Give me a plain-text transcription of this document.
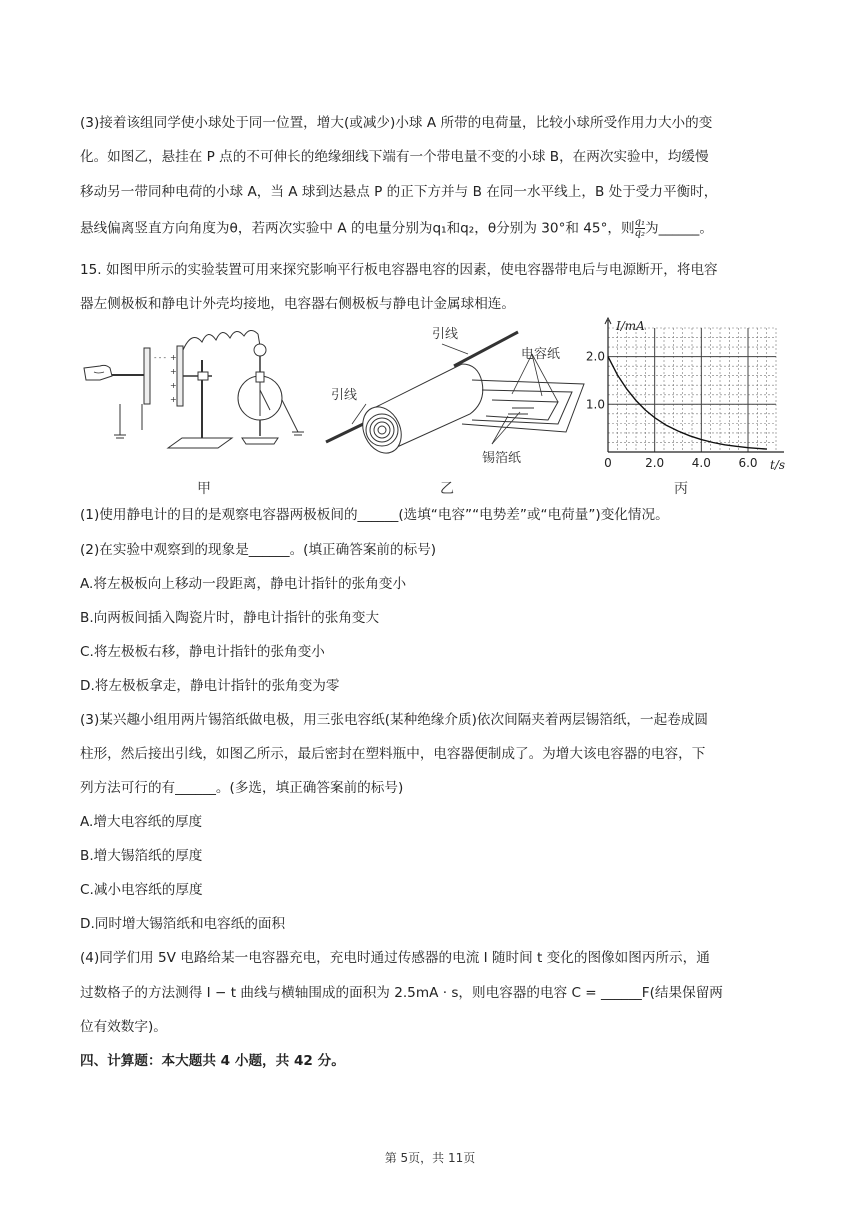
(3)接着该组同学使小球处于同一位置，增大(或减少)小球 A 所带的电荷量，比较小球所受作用力大小的变
化。如图乙，悬挂在 P 点的不可伸长的绝缘细线下端有一个带电量不变的小球 B，在两次实验中，均缓慢
移动另一带同种电荷的小球 A，当 A 球到达悬点 P 的正下方并与 B 在同一水平线上，B 处于受力平衡时，
悬线偏离竖直方向角度为θ，若两次实验中 A 的电量分别为q₁和q₂，θ分别为 30°和 45°，则 $\frac{\text{q₁}}{\text{q₂}}$ 为______。
15. 如图甲所示的实验装置可用来探究影响平行板电容器电容的因素，使电容器带电后与电源断开，将电容
器左侧极板和静电计外壳均接地，电容器右侧极板与静电计金属球相连。
- - - +
+
+
+
甲
引线
引线
电容纸
锡箔纸
乙
0	2.0 4.0 6.0
1.0
2.0
I/mA
t/s
丙
(1)使用静电计的目的是观察电容器两极板间的______(选填“电容”“电势差”或“电荷量”)变化情况。
(2)在实验中观察到的现象是______。(填正确答案前的标号)
A.将左极板向上移动一段距离，静电计指针的张角变小
B.向两板间插入陶瓷片时，静电计指针的张角变大
C.将左极板右移，静电计指针的张角变小
D.将左极板拿走，静电计指针的张角变为零
(3)某兴趣小组用两片锡箔纸做电极，用三张电容纸(某种绝缘介质)依次间隔夹着两层锡箔纸，一起卷成圆
柱形，然后接出引线，如图乙所示，最后密封在塑料瓶中，电容器便制成了。为增大该电容器的电容，下
列方法可行的有______。(多选，填正确答案前的标号)
A.增大电容纸的厚度
B.增大锡箔纸的厚度
C.减小电容纸的厚度
D.同时增大锡箔纸和电容纸的面积
(4)同学们用 5V 电路给某一电容器充电，充电时通过传感器的电流 I 随时间 t 变化的图像如图丙所示，通
过数格子的方法测得 I − t 曲线与横轴围成的面积为 2.5mA · s，则电容器的电容 C = ______F(结果保留两
位有效数字)。
四、计算题：本大题共 4 小题，共 42 分。
第 5页，共 11页
